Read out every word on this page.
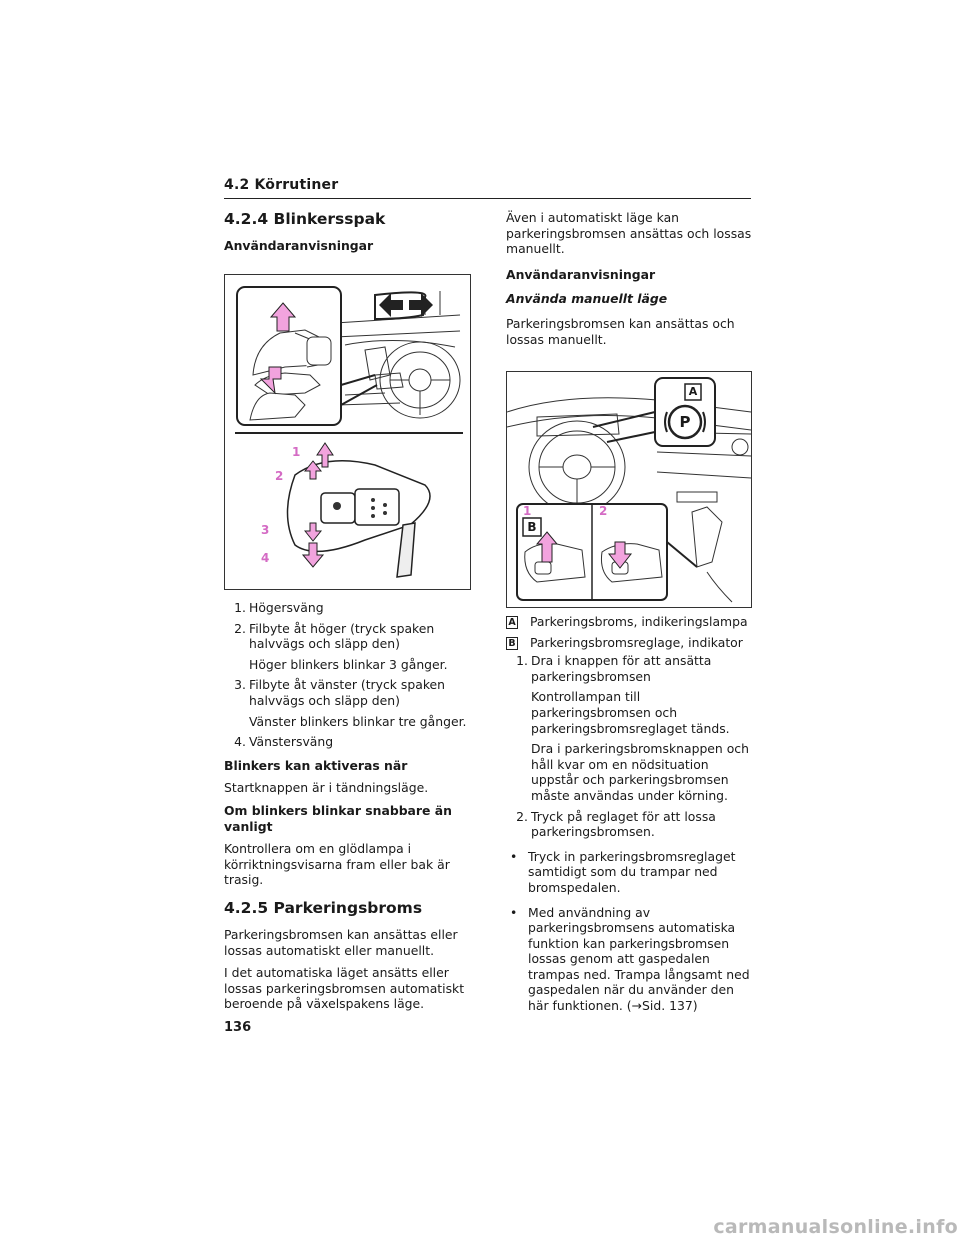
4.2 Körrutiner

4.2.4 Blinkersspak

Användaranvisningar

1
2
3
4
1. Högersväng
2. Filbyte åt höger (tryck spaken halvvägs och släpp den)

Höger blinkers blinkar 3 gånger.

3. Filbyte åt vänster (tryck spaken halvvägs och släpp den)

Vänster blinkers blinkar tre gånger.

4. Vänstersväng

Blinkers kan aktiveras när

Startknappen är i tändningsläge.

Om blinkers blinkar snabbare än vanligt

Kontrollera om en glödlampa i körriktningsvisarna fram eller bak är trasig.

4.2.5 Parkeringsbroms

Parkeringsbromsen kan ansättas eller lossas automatiskt eller manuellt.

I det automatiska läget ansätts eller lossas parkeringsbromsen automatiskt beroende på växelspakens läge.

Även i automatiskt läge kan parkeringsbromsen ansättas och lossas manuellt.

Användaranvisningar

Använda manuellt läge

Parkeringsbromsen kan ansättas och lossas manuellt.

A
P
B
1	2
A Parkeringsbroms, indikeringslampa
B Parkeringsbromsreglage, indikator
1. Dra i knappen för att ansätta parkeringsbromsen

Kontrollampan till parkeringsbromsen och parkeringsbromsreglaget tänds.

Dra i parkeringsbromsknappen och håll kvar om en nödsituation uppstår och parkeringsbromsen måste användas under körning.

2. Tryck på reglaget för att lossa parkeringsbromsen.
• Tryck in parkeringsbromsreglaget samtidigt som du trampar ned bromspedalen.
• Med användning av parkeringsbromsens automatiska funktion kan parkeringsbromsen lossas genom att gaspedalen trampas ned. Trampa långsamt ned gaspedalen när du använder den här funktionen. (→Sid. 137)
136
carmanualsonline.info
